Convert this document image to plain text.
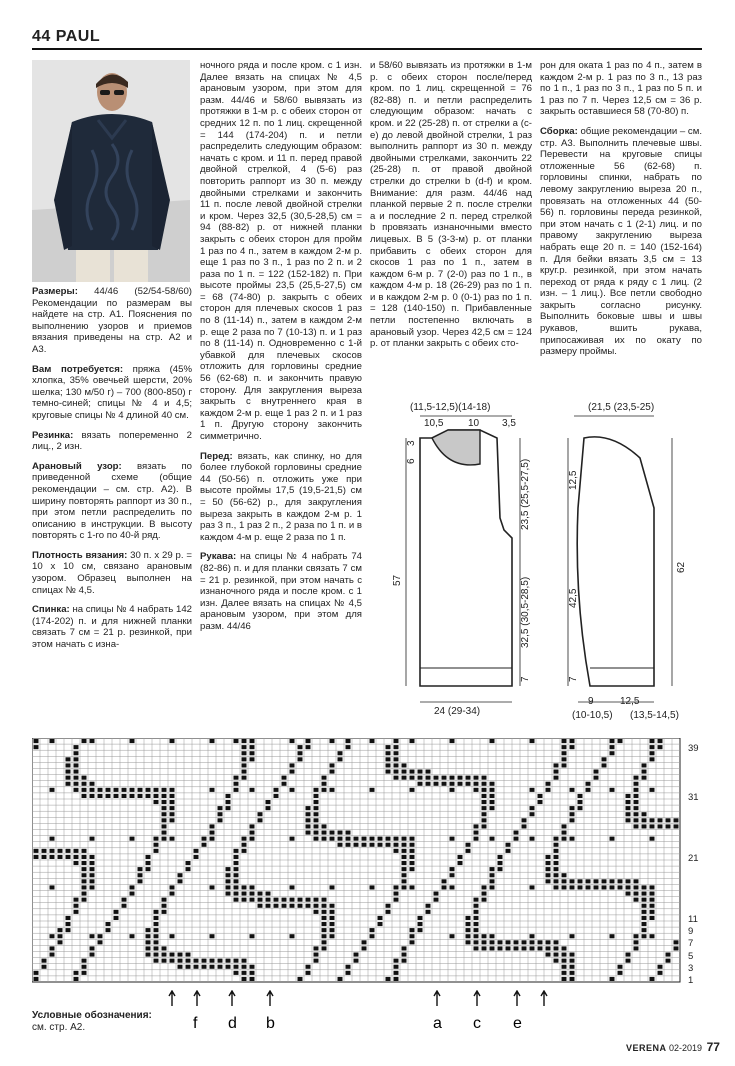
44 PAUL

Размеры: 44/46 (52/54-58/60) Рекомендации по размерам вы найдете на стр. А1. Пояснения по выполнению узоров и приемов вязания приведены на стр. А2 и А3.

Вам потребуется: пряжа (45% хлопка, 35% овечьей шерсти, 20% шелка; 130 м/50 г) – 700 (800-850) г темно-синей; спицы № 4 и 4,5; круговые спицы № 4 длиной 40 см.

Резинка: вязать попеременно 2 лиц., 2 изн.

Арановый узор: вязать по приведенной схеме (общие рекомендации – см. стр. А2). В ширину повторять раппорт из 30 п., при этом петли распределить по описанию в инструкции. В высоту повторять с 1-го по 40-й ряд.

Плотность вязания: 30 п. х 29 р. = 10 х 10 см, связано арановым узором. Образец выполнен на спицах № 4,5.

Спинка: на спицы № 4 набрать 142 (174-202) п. и для нижней планки связать 7 см = 21 р. резинкой, при этом начать с изна-

ночного ряда и после кром. с 1 изн. Далее вязать на спицах № 4,5 арановым узором, при этом для разм. 44/46 и 58/60 вывязать из протяжки в 1-м р. с обеих сторон от средних 12 п. по 1 лиц. скрещенной = 144 (174-204) п. и петли распределить следующим образом: начать с кром. и 11 п. перед правой двойной стрелкой, 4 (5-6) раз повторить раппорт из 30 п. между двойными стрелками и закончить 11 п. после левой двойной стрелки и кром. Через 32,5 (30,5-28,5) см = 94 (88-82) р. от нижней планки закрыть с обеих сторон для пройм 1 раз по 4 п., затем в каждом 2-м р. еще 1 раз по 3 п., 1 раз по 2 п. и 2 раза по 1 п. = 122 (152-182) п. При высоте проймы 23,5 (25,5-27,5) см = 68 (74-80) р. закрыть с обеих сторон для плечевых скосов 1 раз по 8 (11-14) п., затем в каждом 2-м р. еще 2 раза по 7 (10-13) п. и 1 раз по 8 (11-14) п. Одновременно с 1-й убавкой для плечевых скосов отложить для горловины средние 56 (62-68) п. и закончить правую сторону. Для закругления выреза закрыть с внутреннего края в каждом 2-м р. еще 1 раз 2 п. и 1 раз 1 п. Другую сторону закончить симметрично.

Перед: вязать, как спинку, но для более глубокой горловины средние 44 (50-56) п. отложить уже при высоте проймы 17,5 (19,5-21,5) см = 50 (56-62) р., для закругления выреза закрыть в каждом 2-м р. 1 раз 3 п., 1 раз 2 п., 2 раза по 1 п. и в каждом 4-м р. еще 2 раза по 1 п.

Рукава: на спицы № 4 набрать 74 (82-86) п. и для планки связать 7 см = 21 р. резинкой, при этом начать с изнаночного ряда и после кром. с 1 изн. Далее вязать на спицах № 4,5 арановым узором, при этом для разм. 44/46

и 58/60 вывязать из протяжки в 1-м р. с обеих сторон после/перед кром. по 1 лиц. скрещенной = 76 (82-88) п. и петли распределить следующим образом: начать с кром. и 22 (25-28) п. от стрелки а (с-е) до левой двойной стрелки, 1 раз выполнить раппорт из 30 п. между двойными стрелками, закончить 22 (25-28) п. от правой двойной стрелки до стрелки b (d-f) и кром. Внимание: для разм. 44/46 над планкой первые 2 п. после стрелки a и последние 2 п. перед стрелкой b провязать изнаночными вместо лицевых. В 5 (3-3-м) р. от планки прибавить с обеих сторон для скосов 1 раз по 1 п., затем в каждом 6-м р. 7 (2-0) раз по 1 п., в каждом 4-м р. 18 (26-29) раз по 1 п. и в каждом 2-м р. 0 (0-1) раз по 1 п. = 128 (140-150) п. Прибавленные петли постепенно включать в арановый узор. Через 42,5 см = 124 р. от планки закрыть с обеих сто-

рон для оката 1 раз по 4 п., затем в каждом 2-м р. 1 раз по 3 п., 13 раз по 1 п., 1 раз по 3 п., 1 раз по 5 п. и 1 раз по 7 п. Через 12,5 см = 36 р. закрыть оставшиеся 58 (70-80) п.

Сборка: общие рекомендации – см. стр. А3. Выполнить плечевые швы. Перевести на круговые спицы отложенные 56 (62-68) п. горловины спинки, набрать по левому закруглению выреза 20 п., провязать на отложенных 44 (50-56) п. горловины переда резинкой, при этом начать с 1 (2-1) лиц. и по правому закруглению выреза набрать еще 20 п. = 140 (152-164) п. Для бейки вязать 3,5 см = 13 круг.р. резинкой, при этом начать переход от ряда к ряду с 1 лиц. (2 изн. – 1 лиц.). Все петли свободно закрыть согласно рисунку. Выполнить боковые швы и швы рукавов, вшить рукава, припосаживая их по окату по размеру проймы.

(11,5-12,5)(14-18)
10,5 10 3,5
57
6
3
23,5 (25,5-27,5)
32,5 (30,5-28,5)
7
24 (29-34)
(21,5 (23,5-25)
12,5
42,5
7
62
9	12,5
(10-10,5) (13,5-14,5)
39
31
21
11
9
7
5
3
1
f d b	a c e
Условные обозначения:
см. стр. А2.
VERENA 02-2019 77
